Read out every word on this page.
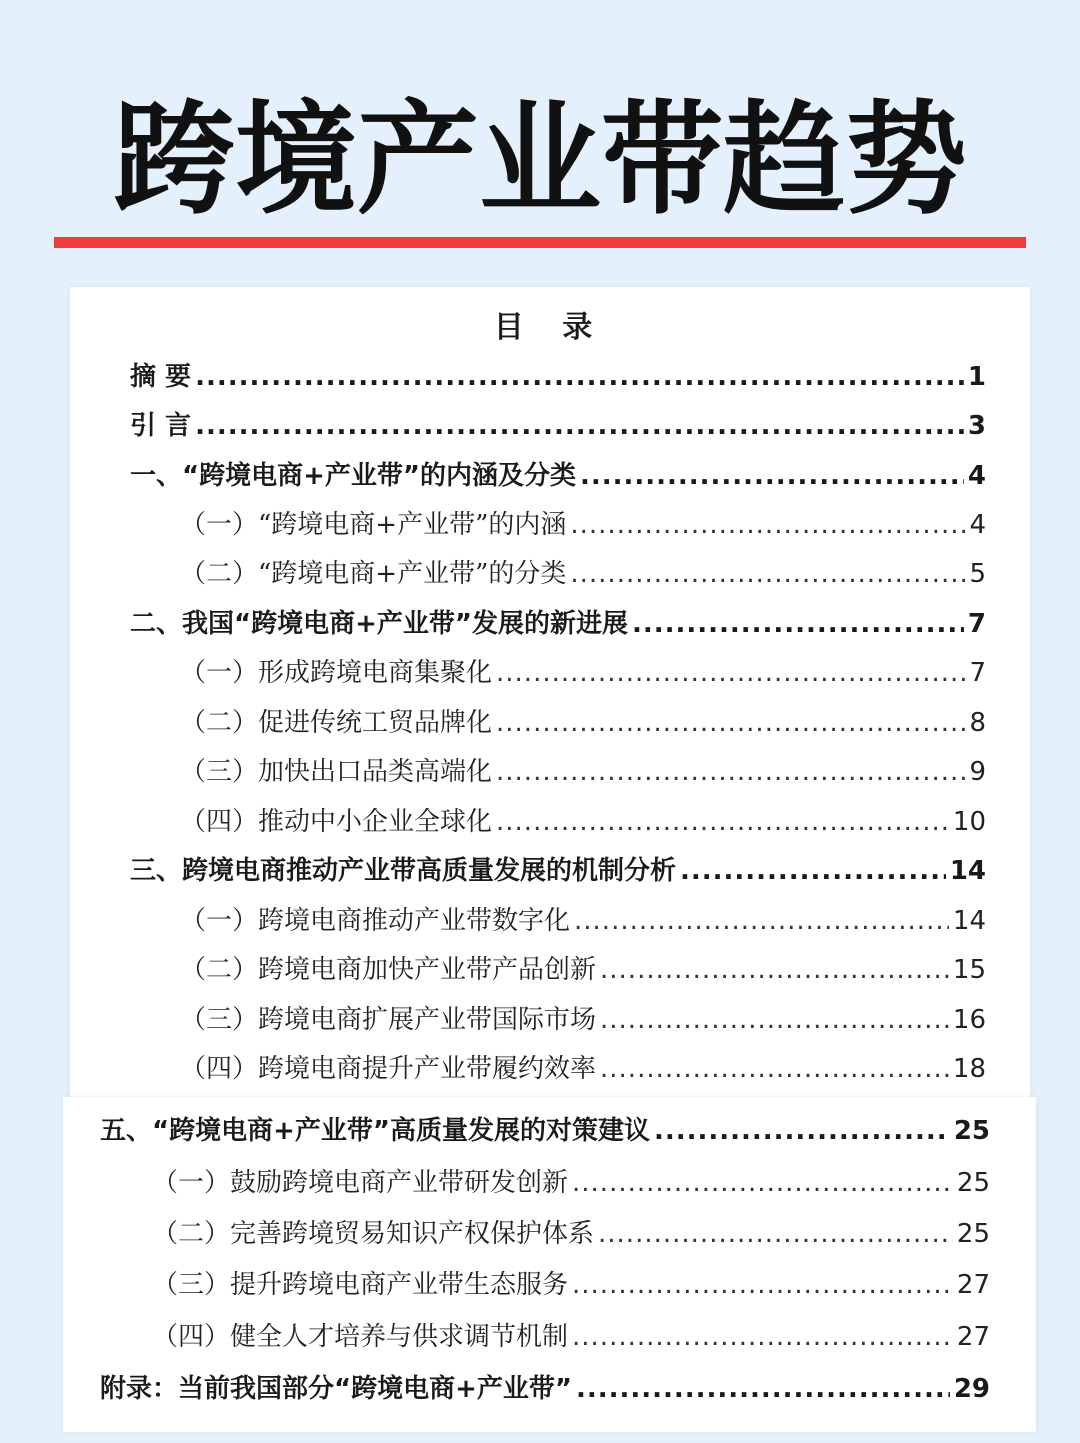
跨境产业带趋势
目 录
摘 要 .....	1
引 言 .....	3
一、“跨境电商+产业带”的内涵及分类 .....	4
（一）“跨境电商+产业带”的内涵 .....	4
（二）“跨境电商+产业带”的分类 .....	5
二、我国“跨境电商+产业带”发展的新进展 .....	7
（一）形成跨境电商集聚化 .....	7
（二）促进传统工贸品牌化 .....	8
（三）加快出口品类高端化 .....	9
（四）推动中小企业全球化 .....	10
三、跨境电商推动产业带高质量发展的机制分析 .....	14
（一）跨境电商推动产业带数字化 .....	14
（二）跨境电商加快产业带产品创新 .....	15
（三）跨境电商扩展产业带国际市场 .....	16
（四）跨境电商提升产业带履约效率 .....	18
五、“跨境电商+产业带”高质量发展的对策建议 .....	25
（一）鼓励跨境电商产业带研发创新 .....	25
（二）完善跨境贸易知识产权保护体系 .....	25
（三）提升跨境电商产业带生态服务 .....	27
（四）健全人才培养与供求调节机制 .....	27
附录：当前我国部分“跨境电商+产业带” .....	29
